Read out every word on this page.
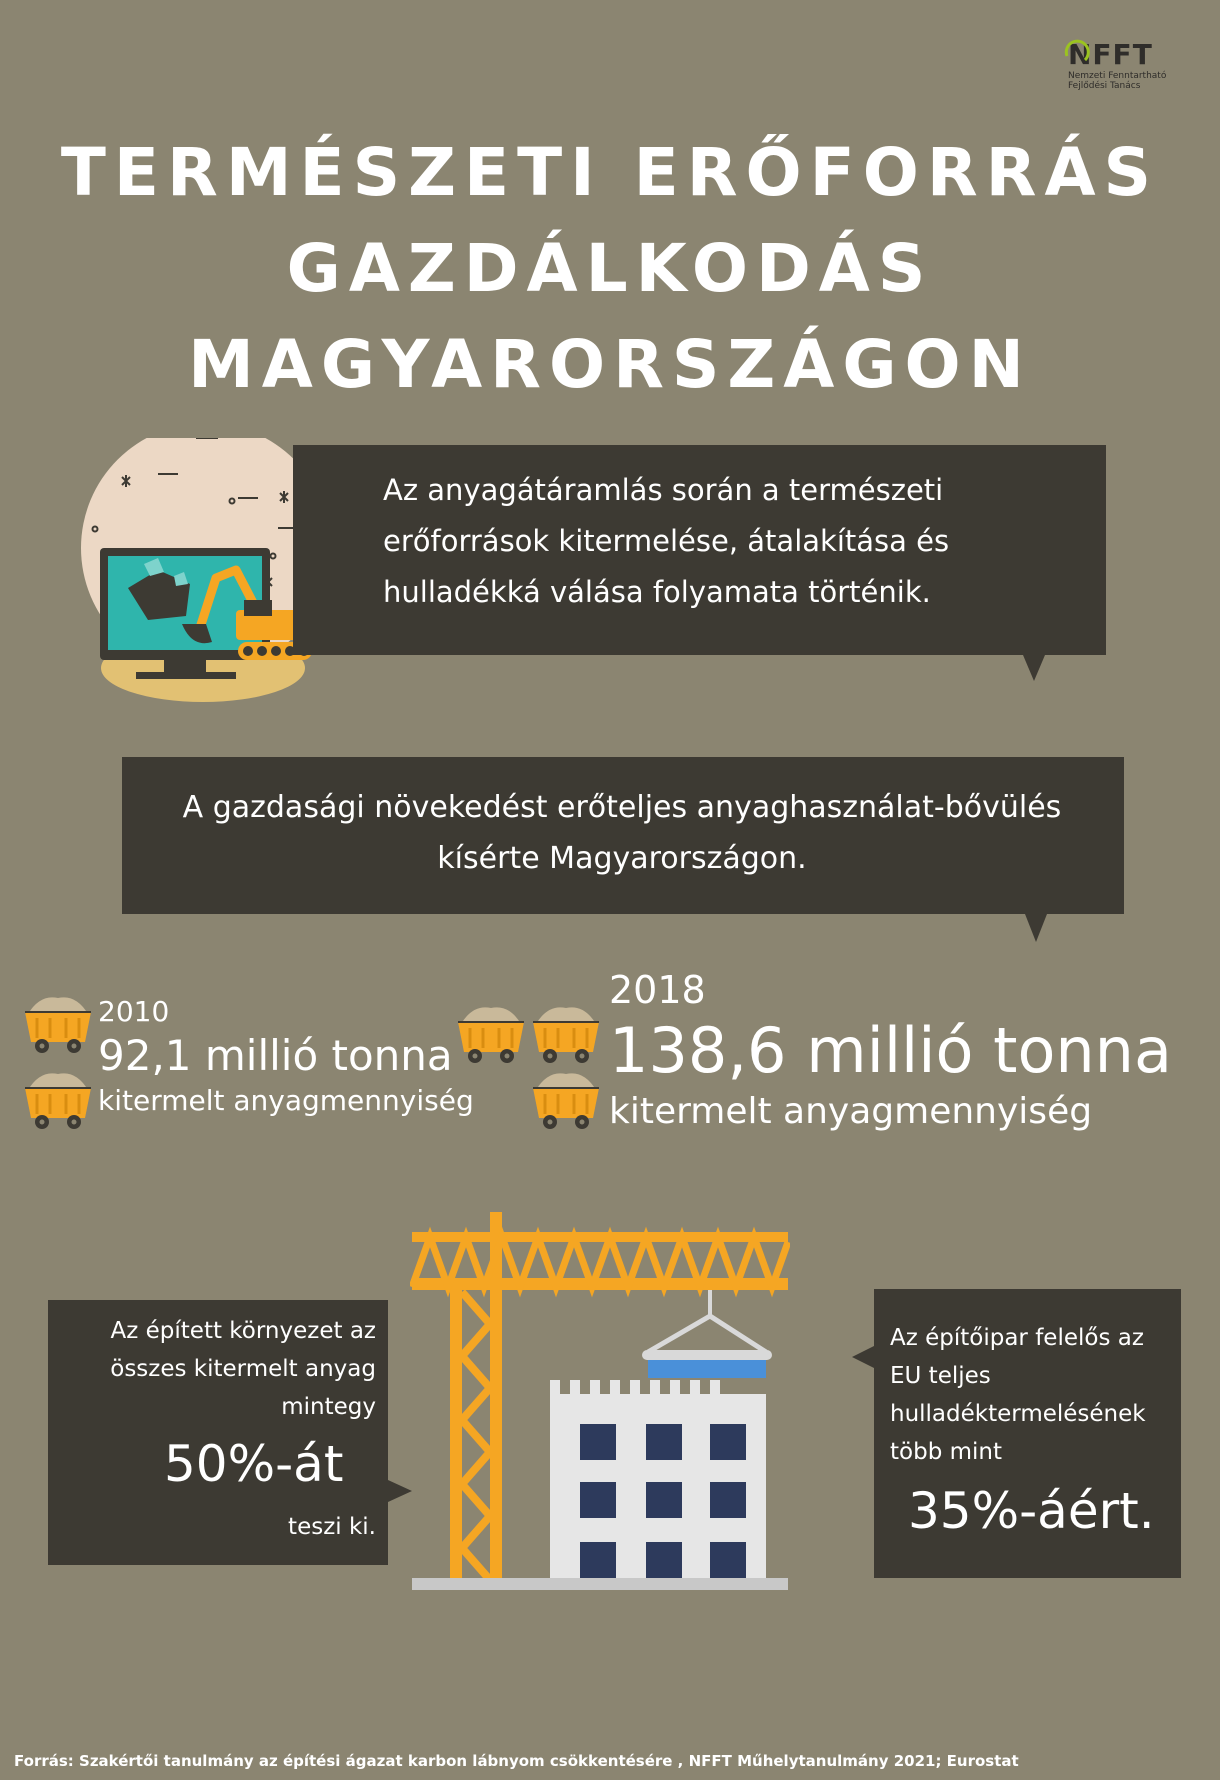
NFFT
Nemzeti Fenntartható
Fejlődési Tanács
TERMÉSZETI ERŐFORRÁS
GAZDÁLKODÁS
MAGYARORSZÁGON
Az anyagátáramlás során a természeti erőforrások kitermelése, átalakítása és hulladékká válása folyamata történik.
A gazdasági növekedést erőteljes anyaghasználat-bővülés kísérte Magyarországon.
2010
92,1 millió tonna
kitermelt anyagmennyiség
2018
138,6 millió tonna
kitermelt anyagmennyiség
Az épített környezet az összes kitermelt anyag mintegy
50%-át
teszi ki.
Az építőipar felelős az EU teljes hulladéktermelésének több mint
35%-áért.
Forrás: Szakértői tanulmány az építési ágazat karbon lábnyom csökkentésére , NFFT Műhelytanulmány 2021; Eurostat
